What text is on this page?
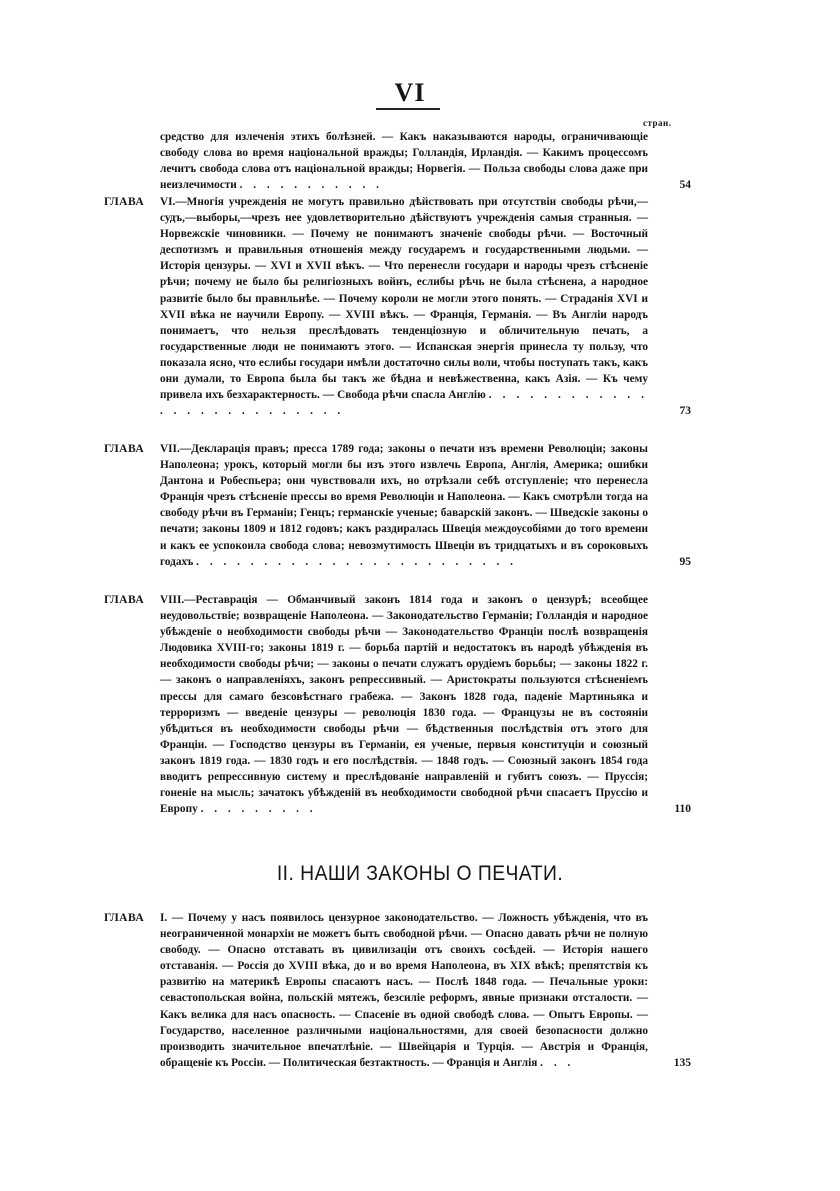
VI
стран.
средство для излеченія этихъ болѣзней. — Какъ наказываются народы, ограничивающіе свободу слова во время національной вражды; Голландія, Ирландія. — Какимъ процессомъ лечитъ свобода слова отъ національной вражды; Норвегія. — Польза свободы слова даже при неизлечимости . . . . . . . . . . .	54
ГЛАВА	VI.—Многія учрежденія не могутъ правильно дѣйствовать при отсутствіи свободы рѣчи,—судъ,—выборы,—чрезъ нее удовлетворительно дѣйствуютъ учрежденія самыя странныя. — Норвежскіе чиновники. — Почему не понимаютъ значеніе свободы рѣчи. — Восточный деспотизмъ и правильныя отношенія между государемъ и государственными людьми. — Исторія цензуры. — XVI и XVII вѣкъ. — Что перенесли государи и народы чрезъ стѣсненіе рѣчи; почему не было бы религіозныхъ войнъ, еслибы рѣчь не была стѣснена, а народное развитіе было бы правильнѣе. — Почему короли не могли этого понять. — Страданія XVI и XVII вѣка не научили Европу. — XVIII вѣкъ. — Франція, Германія. — Въ Англіи народъ понимаетъ, что нельзя преслѣдовать тенденціозную и обличительную печать, а государственные люди не понимаютъ этого. — Испанская энергія принесла ту пользу, что показала ясно, что еслибы государи имѣли достаточно силы воли, чтобы поступать такъ, какъ они думали, то Европа была бы такъ же бѣдна и невѣжественна, какъ Азія. — Къ чему привела ихъ безхарактерность. — Свобода рѣчи спасла Англію . . . . . . . . . . . . . . . . . . . . . . . . . .	73
ГЛАВА	VII.—Декларація правъ; пресса 1789 года; законы о печати изъ времени Революціи; законы Наполеона; урокъ, который могли бы изъ этого извлечь Европа, Англія, Америка; ошибки Дантона и Робеспьера; они чувствовали ихъ, но отрѣзали себѣ отступленіе; что перенесла Франція чрезъ стѣсненіе прессы во время Революціи и Наполеона. — Какъ смотрѣли тогда на свободу рѣчи въ Германіи; Генцъ; германскіе ученые; баварскій законъ. — Шведскіе законы о печати; законы 1809 и 1812 годовъ; какъ раздиралась Швеція междоусобіями до того времени и какъ ее успокоила свобода слова; невозмутимость Швеціи въ тридцатыхъ и въ сороковыхъ годахъ . . . . . . . . . . . . . . . . . . . . . . . .	95
ГЛАВА	VIII.—Реставрація — Обманчивый законъ 1814 года и законъ о цензурѣ; всеобщее неудовольствіе; возвращеніе Наполеона. — Законодательство Германіи; Голландія и народное убѣжденіе о необходимости свободы рѣчи — Законодательство Франціи послѣ возвращенія Людовика XVIII-го; законы 1819 г. — борьба партій и недостатокъ въ народѣ убѣжденія въ необходимости свободы рѣчи; — законы о печати служатъ орудіемъ борьбы; — законы 1822 г. — законъ о направленіяхъ, законъ репрессивный. — Аристократы пользуются стѣсненіемъ прессы для самаго безсовѣстнаго грабежа. — Законъ 1828 года, паденіе Мартиньяка и терроризмъ — введеніе цензуры — революція 1830 года. — Французы не въ состояніи убѣдиться въ необходимости свободы рѣчи — бѣдственныя послѣдствія отъ этого для Франціи. — Господство цензуры въ Германіи, ея ученые, первыя конституціи и союзный законъ 1819 года. — 1830 годъ и его послѣдствія. — 1848 годъ. — Союзный законъ 1854 года вводитъ репрессивную систему и преслѣдованіе направленій и губитъ союзъ. — Пруссія; гоненіе на мысль; зачатокъ убѣжденій въ необходимости свободной рѣчи спасаетъ Пруссію и Европу . . . . . . . . .	110
II. НАШИ ЗАКОНЫ О ПЕЧАТИ.
ГЛАВА	I. — Почему у насъ появилось цензурное законодательство. — Ложность убѣжденія, что въ неограниченной монархіи не можетъ быть свободной рѣчи. — Опасно давать рѣчи не полную свободу. — Опасно отставать въ цивилизаціи отъ своихъ сосѣдей. — Исторія нашего отставанія. — Россія до XVIII вѣка, до и во время Наполеона, въ XIX вѣкѣ; препятствія къ развитію на материкѣ Европы спасаютъ насъ. — Послѣ 1848 года. — Печальные уроки: севастопольская война, польскій мятежъ, безсиліе реформъ, явные признаки отсталости. — Какъ велика для насъ опасность. — Спасеніе въ одной свободѣ слова. — Опытъ Европы. — Государство, населенное различными національностями, для своей безопасности должно производить значительное впечатлѣніе. — Швейцарія и Турція. — Австрія и Франція, обращеніе къ Россіи. — Политическая безтактность. — Франція и Англія . . .	135
